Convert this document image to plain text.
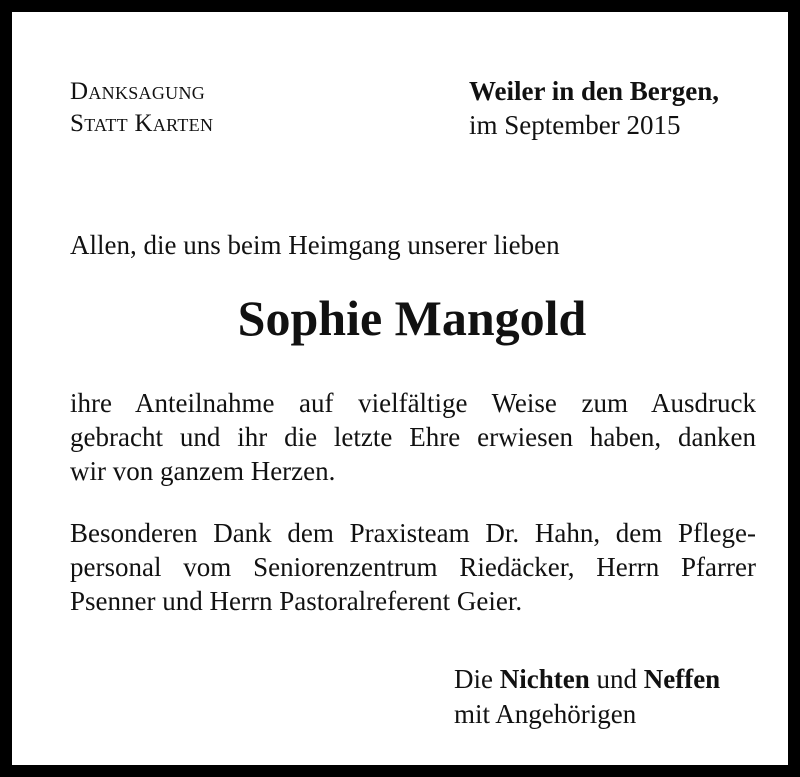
Danksagung
Statt Karten
Weiler in den Bergen,
im September 2015
Allen, die uns beim Heimgang unserer lieben
Sophie Mangold
ihre Anteilnahme auf vielfältige Weise zum Ausdruck
gebracht und ihr die letzte Ehre erwiesen haben, danken
wir von ganzem Herzen.
Besonderen Dank dem Praxisteam Dr. Hahn, dem Pflege-
personal vom Seniorenzentrum Riedäcker, Herrn Pfarrer
Psenner und Herrn Pastoralreferent Geier.
Die Nichten und Neffen
mit Angehörigen
